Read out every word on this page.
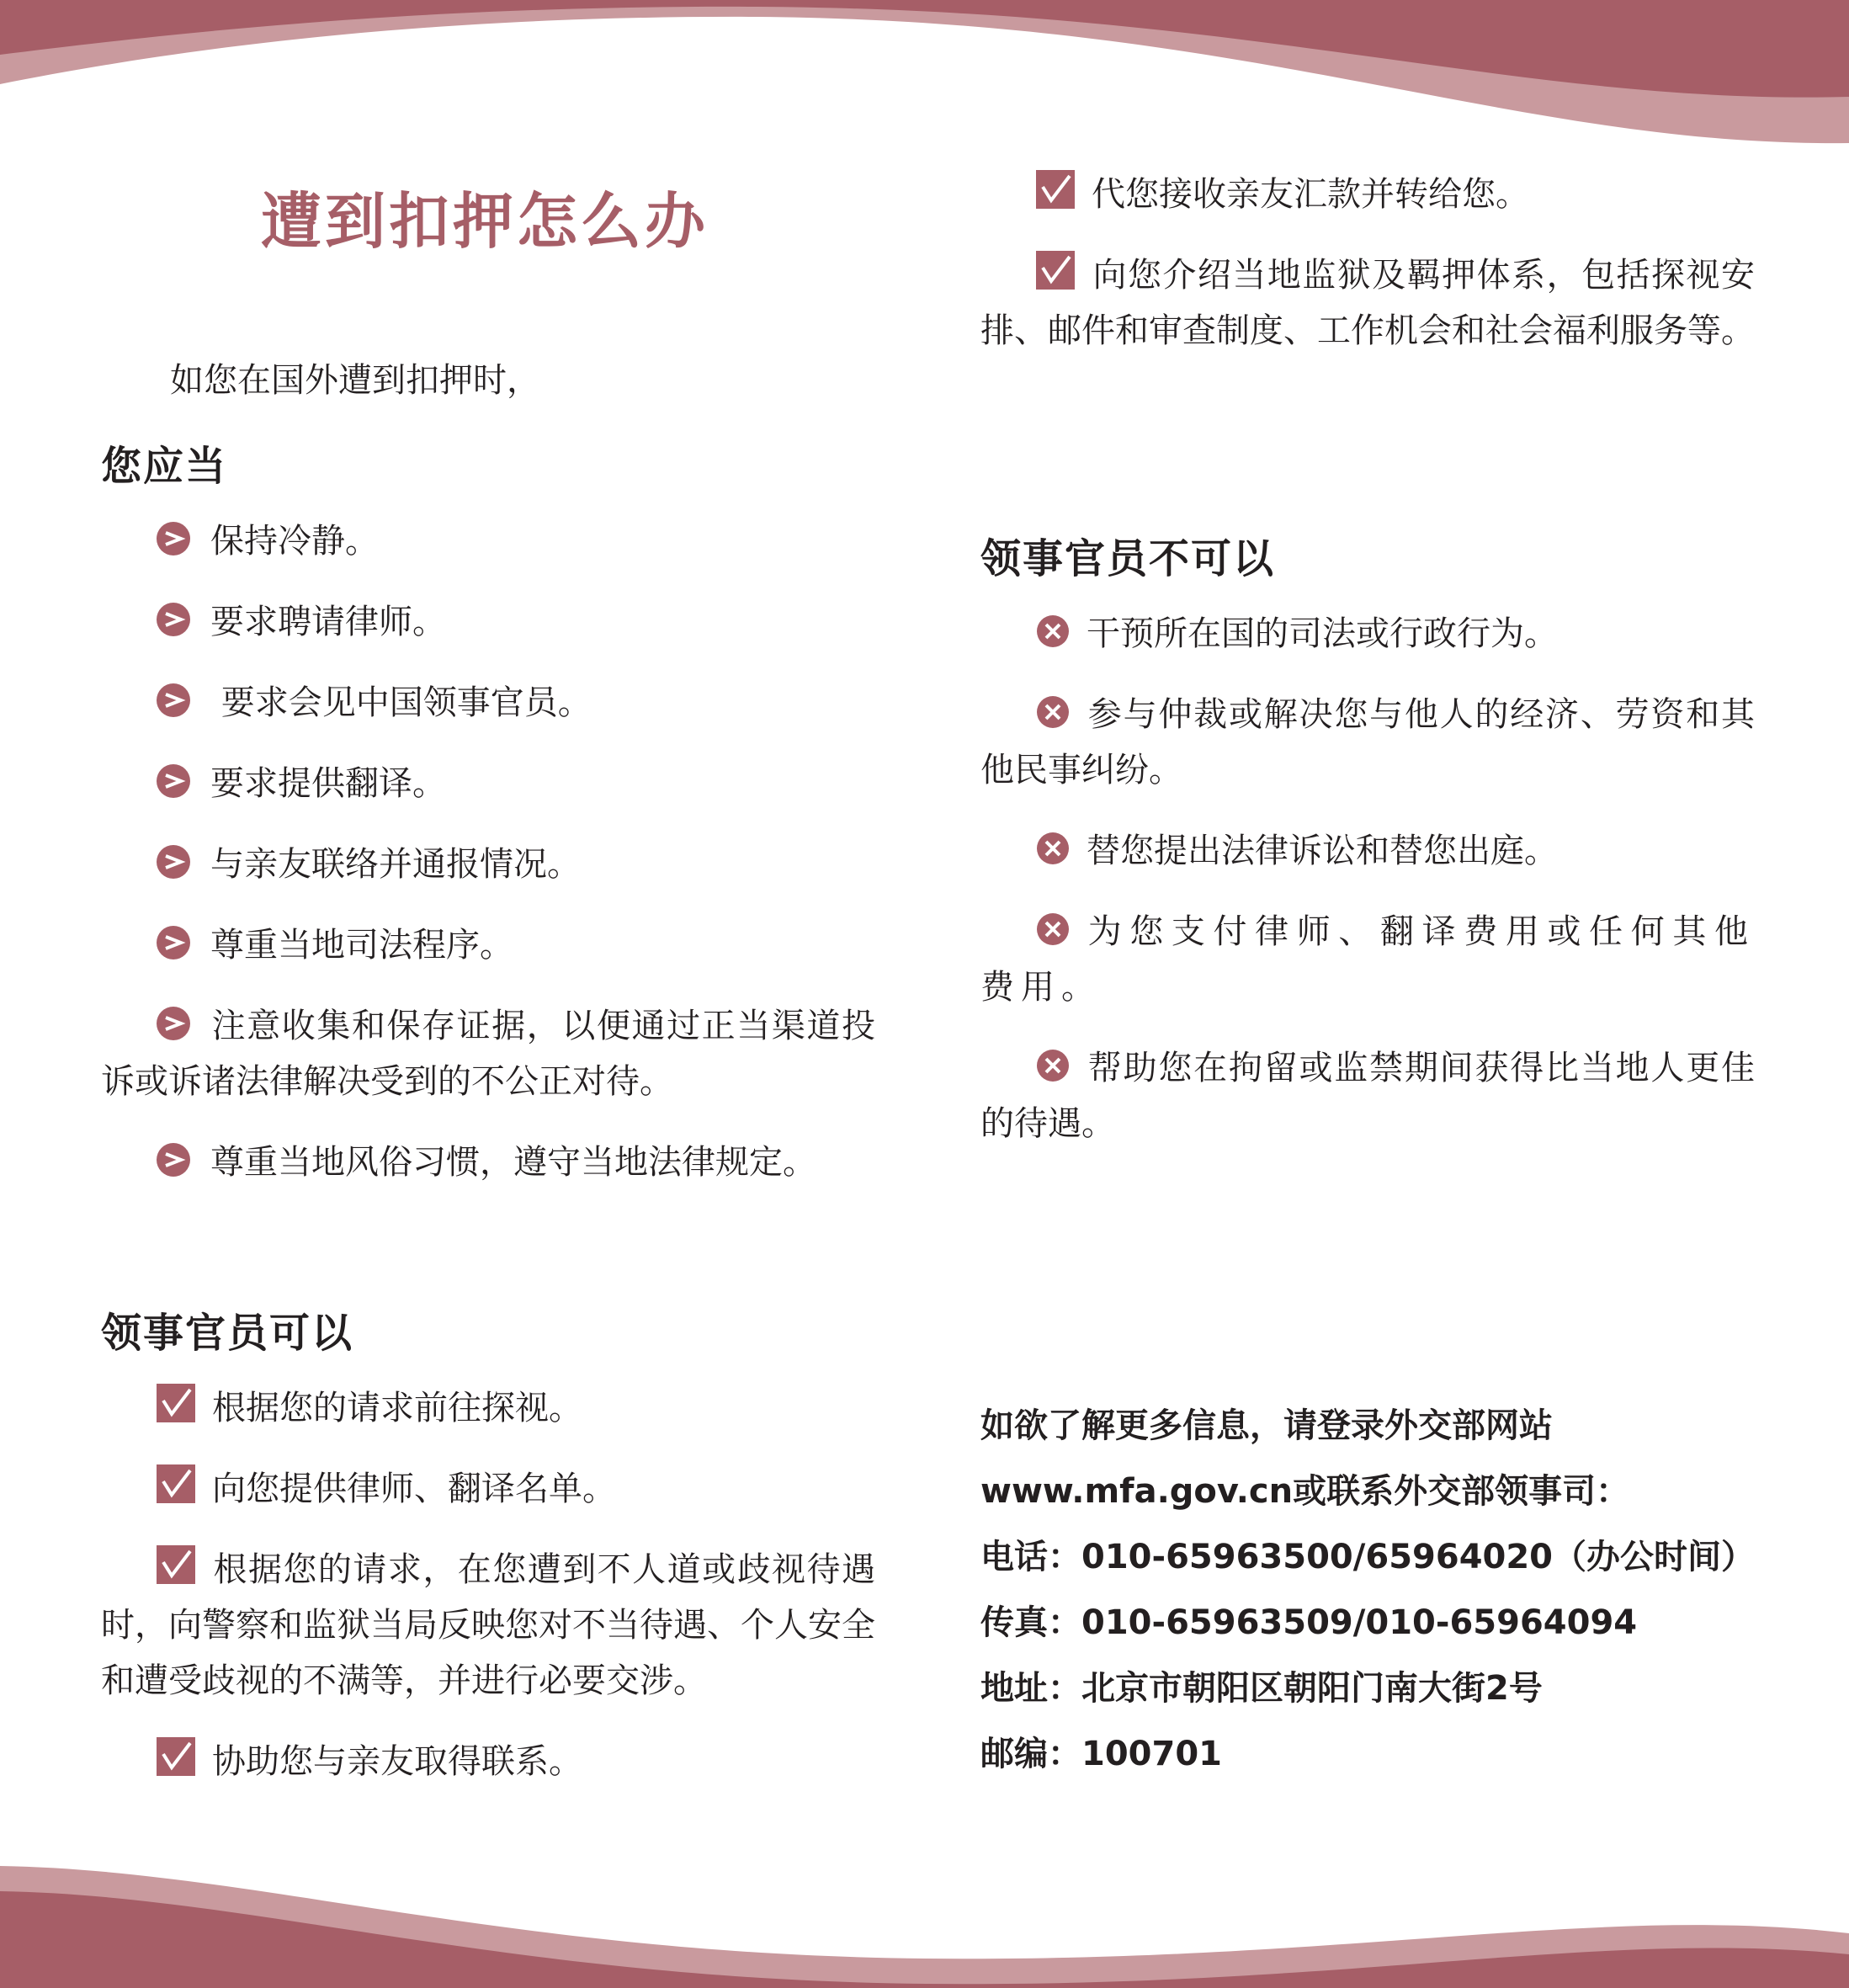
遭到扣押怎么办

如您在国外遭到扣押时，

您应当
保持冷静。
要求聘请律师。
要求会见中国领事官员。
要求提供翻译。
与亲友联络并通报情况。
尊重当地司法程序。
注意收集和保存证据，以便通过正当渠道投诉或诉诸法律解决受到的不公正对待。
尊重当地风俗习惯，遵守当地法律规定。
领事官员可以
根据您的请求前往探视。
向您提供律师、翻译名单。
根据您的请求，在您遭到不人道或歧视待遇时，向警察和监狱当局反映您对不当待遇、个人安全和遭受歧视的不满等，并进行必要交涉。
协助您与亲友取得联系。
代您接收亲友汇款并转给您。
向您介绍当地监狱及羁押体系，包括探视安排、邮件和审查制度、工作机会和社会福利服务等。
领事官员不可以
干预所在国的司法或行政行为。
参与仲裁或解决您与他人的经济、劳资和其他民事纠纷。
替您提出法律诉讼和替您出庭。
为您支付律师、翻译费用或任何其他费用。
帮助您在拘留或监禁期间获得比当地人更佳的待遇。
如欲了解更多信息，请登录外交部网站
www.mfa.gov.cn或联系外交部领事司：
电话：010-65963500/65964020（办公时间）
传真：010-65963509/010-65964094
地址：北京市朝阳区朝阳门南大街2号
邮编：100701
